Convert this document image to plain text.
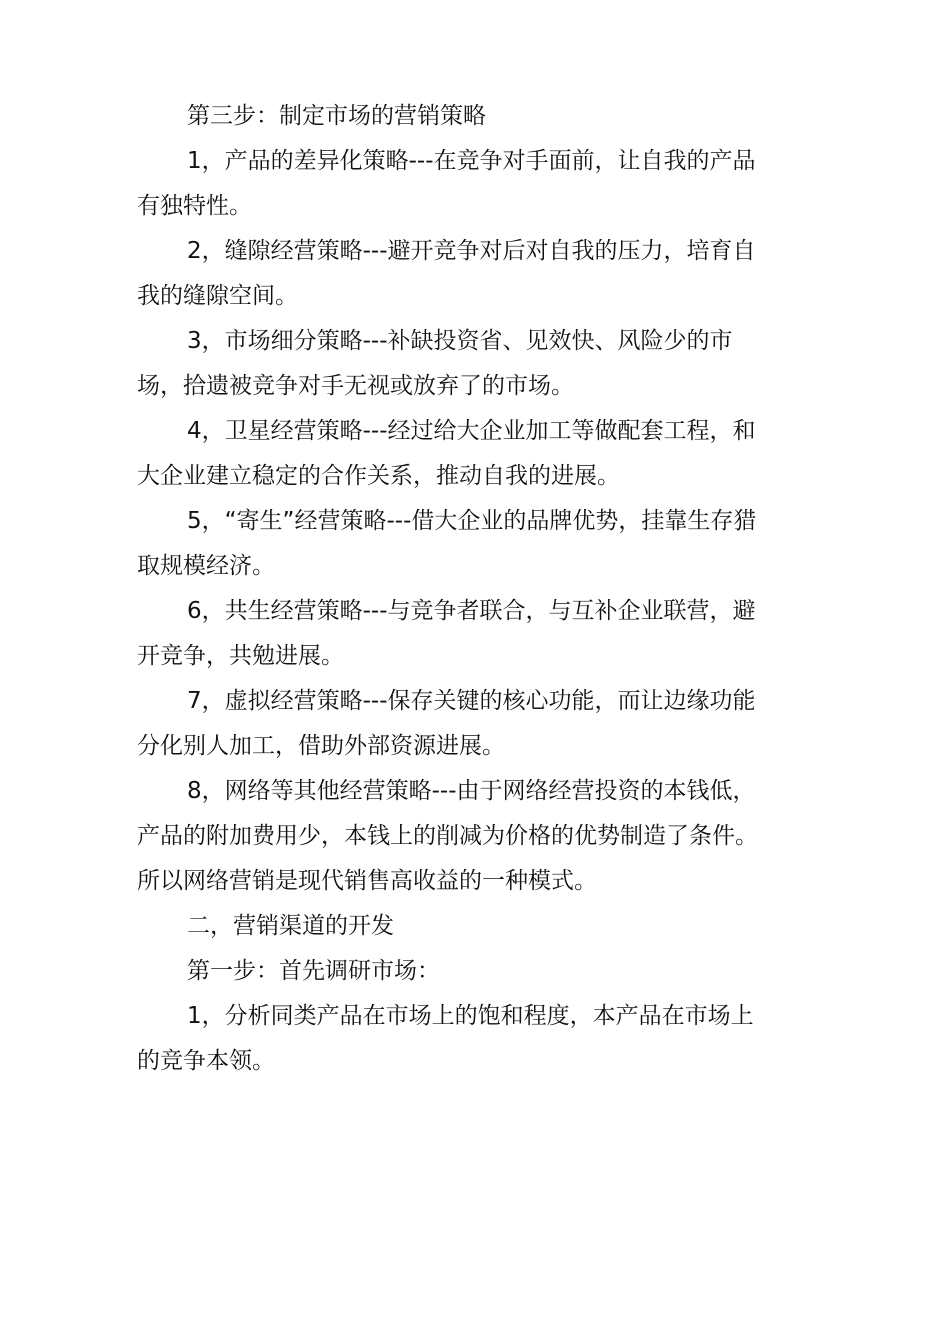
第三步：制定市场的营销策略
1，产品的差异化策略---在竞争对手面前，让自我的产品
有独特性。
2，缝隙经营策略---避开竞争对后对自我的压力，培育自
我的缝隙空间。
3，市场细分策略---补缺投资省、见效快、风险少的市
场，拾遗被竞争对手无视或放弃了的市场。
4，卫星经营策略---经过给大企业加工等做配套工程，和
大企业建立稳定的合作关系，推动自我的进展。
5，“寄生”经营策略---借大企业的品牌优势，挂靠生存猎
取规模经济。
6，共生经营策略---与竞争者联合，与互补企业联营，避
开竞争，共勉进展。
7，虚拟经营策略---保存关键的核心功能，而让边缘功能
分化别人加工，借助外部资源进展。
8，网络等其他经营策略---由于网络经营投资的本钱低，
产品的附加费用少，本钱上的削减为价格的优势制造了条件。
所以网络营销是现代销售高收益的一种模式。
二，营销渠道的开发
第一步：首先调研市场：
1，分析同类产品在市场上的饱和程度，本产品在市场上
的竞争本领。
